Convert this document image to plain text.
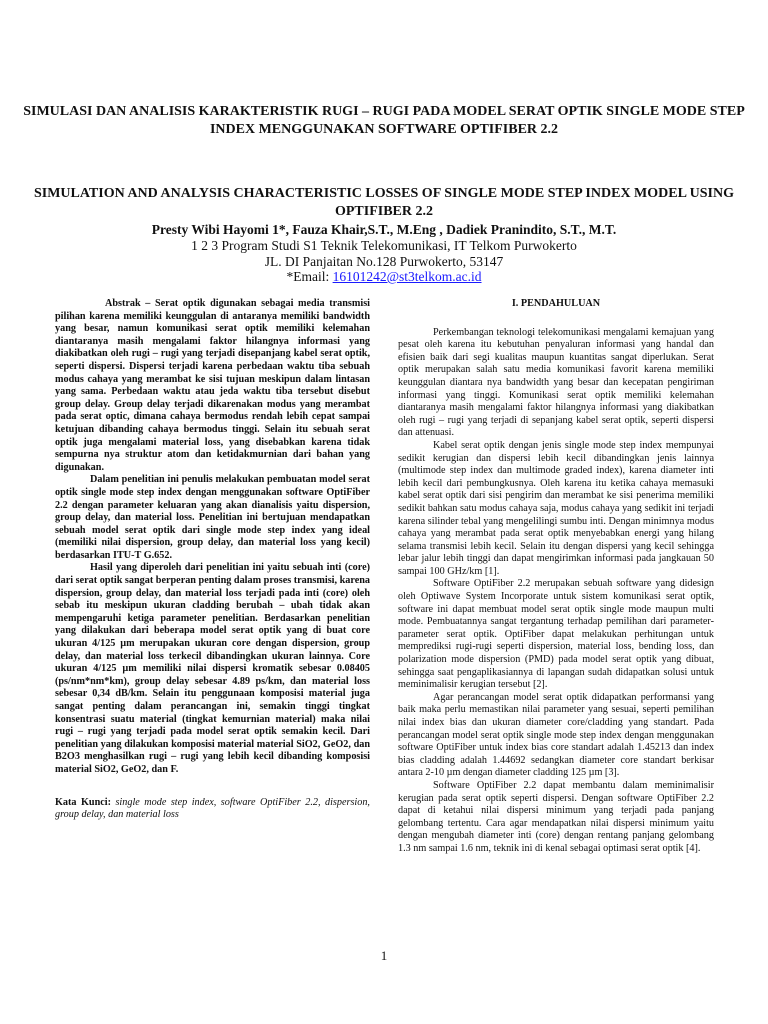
SIMULASI DAN ANALISIS KARAKTERISTIK RUGI – RUGI PADA MODEL SERAT OPTIK SINGLE MODE STEP INDEX MENGGUNAKAN SOFTWARE OPTIFIBER 2.2
SIMULATION AND ANALYSIS CHARACTERISTIC LOSSES OF SINGLE MODE STEP INDEX MODEL USING OPTIFIBER 2.2
Presty Wibi Hayomi 1*, Fauza Khair,S.T., M.Eng , Dadiek Pranindito, S.T., M.T.
1 2 3 Program Studi S1 Teknik Telekomunikasi, IT Telkom Purwokerto
JL. DI Panjaitan No.128 Purwokerto, 53147
*Email: 16101242@st3telkom.ac.id

Abstrak – Serat optik digunakan sebagai media transmisi pilihan karena memiliki keunggulan di antaranya memiliki bandwidth yang besar, namun komunikasi serat optik memiliki kelemahan diantaranya masih mengalami faktor hilangnya informasi yang diakibatkan oleh rugi – rugi yang terjadi disepanjang kabel serat optik, seperti dispersi. Dispersi terjadi karena perbedaan waktu tiba sebuah modus cahaya yang merambat ke sisi tujuan meskipun dalam lintasan yang sama. Perbedaan waktu atau jeda waktu tiba tersebut disebut group delay. Group delay terjadi dikarenakan modus yang merambat pada serat optic, dimana cahaya bermodus rendah lebih cepat sampai ketujuan dibanding cahaya bermodus tinggi. Selain itu sebuah serat optik juga mengalami material loss, yang disebabkan karena tidak sempurna nya struktur atom dan ketidakmurnian dari bahan yang digunakan.

Dalam penelitian ini penulis melakukan pembuatan model serat optik single mode step index dengan menggunakan software OptiFiber 2.2 dengan parameter keluaran yang akan dianalisis yaitu dispersion, group delay, dan material loss. Penelitian ini bertujuan mendapatkan sebuah model serat optik dari single mode step index yang ideal (memiliki nilai dispersion, group delay, dan material loss yang kecil) berdasarkan ITU-T G.652.

Hasil yang diperoleh dari penelitian ini yaitu sebuah inti (core) dari serat optik sangat berperan penting dalam proses transmisi, karena dispersion, group delay, dan material loss terjadi pada inti (core) oleh sebab itu meskipun ukuran cladding berubah – ubah tidak akan mempengaruhi ketiga parameter penelitian. Berdasarkan penelitian yang dilakukan dari beberapa model serat optik yang di buat core ukuran 4/125 µm merupakan ukuran core dengan dispersion, group delay, dan material loss terkecil dibandingkan ukuran lainnya. Core ukuran 4/125 µm memiliki nilai dispersi kromatik sebesar 0.08405 (ps/nm*nm*km), group delay sebesar 4.89 ps/km, dan material loss sebesar 0,34 dB/km. Selain itu penggunaan komposisi material juga sangat penting dalam perancangan ini, semakin tinggi tingkat konsentrasi suatu material (tingkat kemurnian material) maka nilai rugi – rugi yang terjadi pada model serat optik semakin kecil. Dari penelitian yang dilakukan komposisi material material SiO2, GeO2, dan B2O3 menghasilkan rugi – rugi yang lebih kecil dibanding komposisi material SiO2, GeO2, dan F.

Kata Kunci: single mode step index, software OptiFiber 2.2, dispersion, group delay, dan material loss

I. PENDAHULUAN

Perkembangan teknologi telekomunikasi mengalami kemajuan yang pesat oleh karena itu kebutuhan penyaluran informasi yang handal dan efisien baik dari segi kualitas maupun kuantitas sangat diperlukan. Serat optik merupakan salah satu media komunikasi favorit karena memiliki keunggulan diantara nya bandwidth yang besar dan kecepatan pengiriman informasi yang tinggi. Komunikasi serat optik memiliki kelemahan diantaranya masih mengalami faktor hilangnya informasi yang diakibatkan oleh rugi – rugi yang terjadi di sepanjang kabel serat optik, seperti dispersi dan attenuasi.

Kabel serat optik dengan jenis single mode step index mempunyai sedikit kerugian dan dispersi lebih kecil dibandingkan jenis lainnya (multimode step index dan multimode graded index), karena diameter inti lebih kecil dari pembungkusnya. Oleh karena itu ketika cahaya memasuki kabel serat optik dari sisi pengirim dan merambat ke sisi penerima memiliki sedikit bahkan satu modus cahaya saja, modus cahaya yang sedikit ini terjadi karena silinder tebal yang mengelilingi sumbu inti. Dengan minimnya modus cahaya yang merambat pada serat optik menyebabkan energi yang hilang selama transmisi lebih kecil. Selain itu dengan dispersi yang kecil sehingga lebar jalur lebih tinggi dan dapat mengirimkan informasi pada jangkauan 50 sampai 100 GHz/km [1].

Software OptiFiber 2.2 merupakan sebuah software yang didesign oleh Optiwave System Incorporate untuk sistem komunikasi serat optik, software ini dapat membuat model serat optik single mode maupun multi mode. Pembuatannya sangat tergantung terhadap pemilihan dari parameter-parameter serat optik. OptiFiber dapat melakukan perhitungan untuk memprediksi rugi-rugi seperti dispersion, material loss, bending loss, dan polarization mode dispersion (PMD) pada model serat optik yang dibuat, sehingga saat pengaplikasiannya di lapangan sudah didapatkan solusi untuk meminimalisir kerugian tersebut [2].

Agar perancangan model serat optik didapatkan performansi yang baik maka perlu memastikan nilai parameter yang sesuai, seperti pemilihan nilai index bias dan ukuran diameter core/cladding yang standart. Pada perancangan model serat optik single mode step index dengan menggunakan software OptiFiber untuk index bias core standart adalah 1.45213 dan index bias cladding adalah 1.44692 sedangkan diameter core standart berkisar antara 2-10 µm dengan diameter cladding 125 µm [3].

Software OptiFiber 2.2 dapat membantu dalam meminimalisir kerugian pada serat optik seperti dispersi. Dengan software OptiFiber 2.2 dapat di ketahui nilai dispersi minimum yang terjadi pada panjang gelombang tertentu. Cara agar mendapatkan nilai dispersi minimum yaitu dengan mengubah diameter inti (core) dengan rentang panjang gelombang 1.3 nm sampai 1.6 nm, teknik ini di kenal sebagai optimasi serat optik [4].

1
